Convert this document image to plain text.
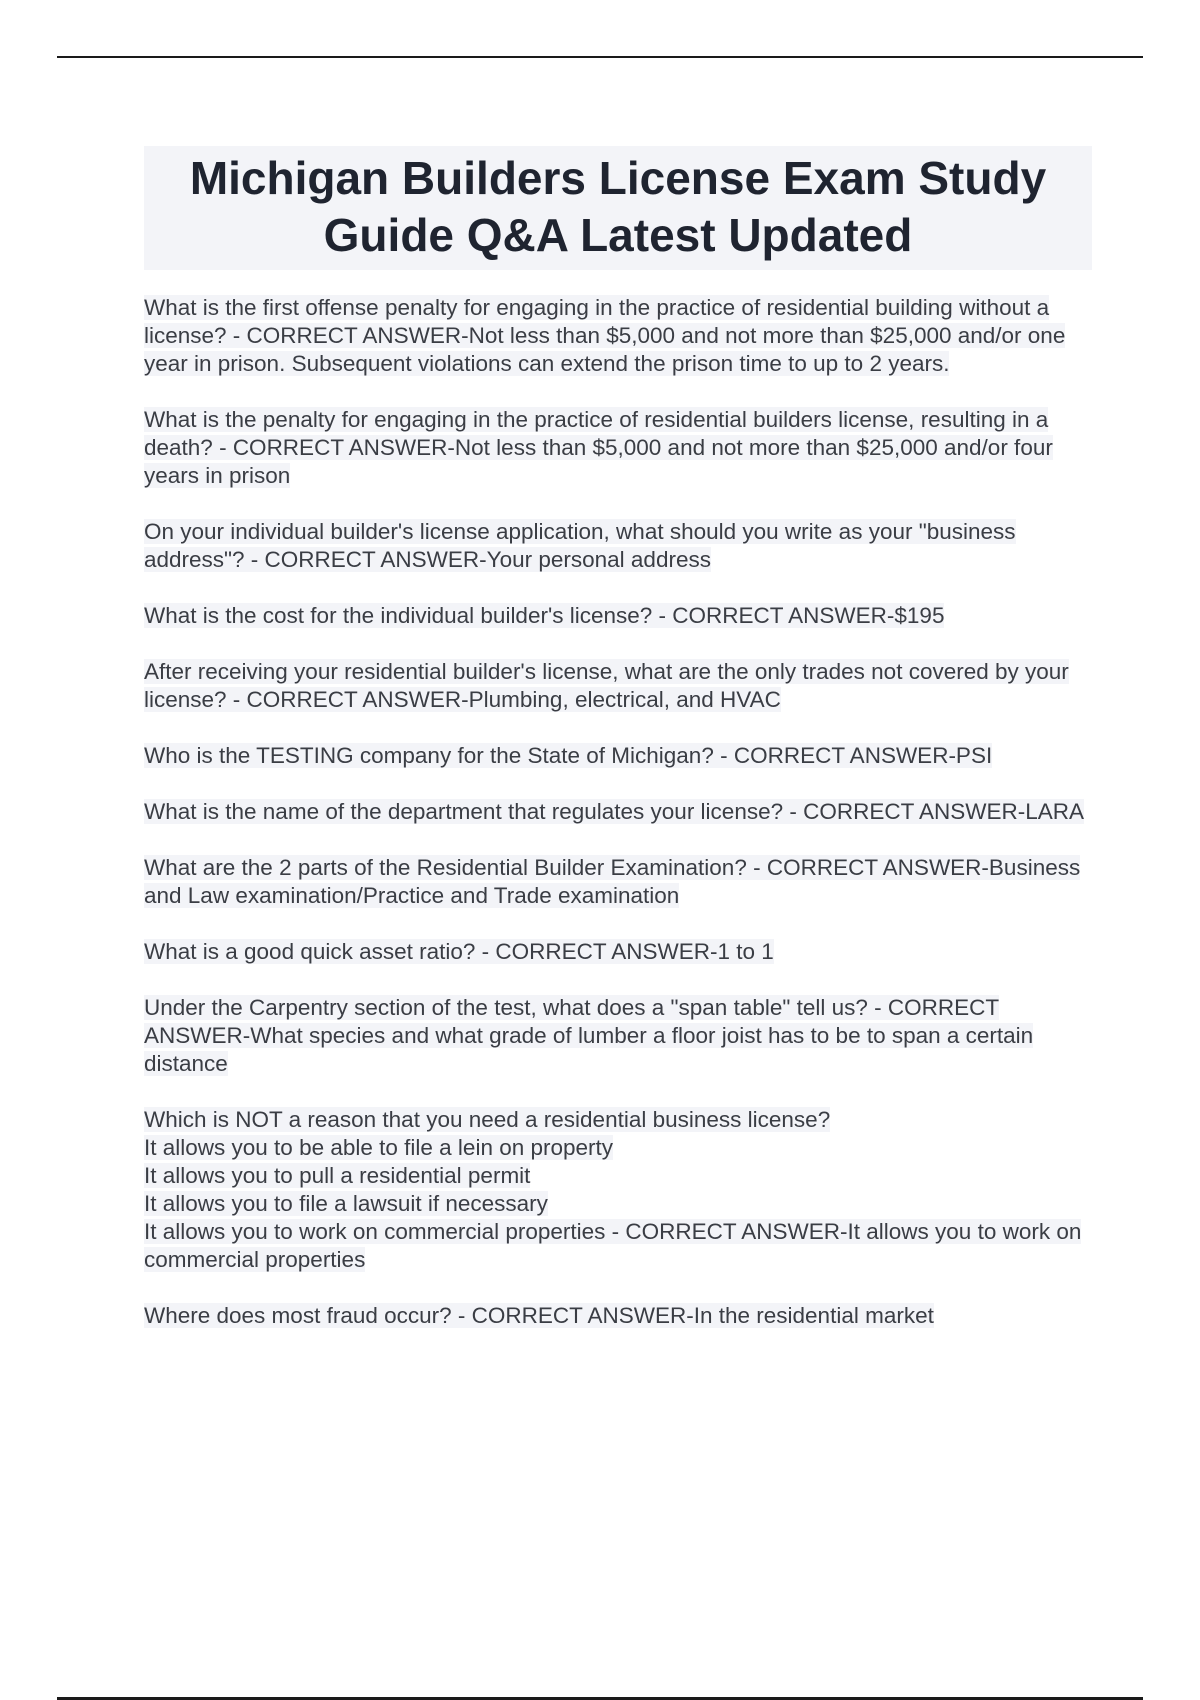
Michigan Builders License Exam Study Guide Q&A Latest Updated

What is the first offense penalty for engaging in the practice of residential building without a license? - CORRECT ANSWER-Not less than $5,000 and not more than $25,000 and/or one year in prison. Subsequent violations can extend the prison time to up to 2 years.

What is the penalty for engaging in the practice of residential builders license, resulting in a death? - CORRECT ANSWER-Not less than $5,000 and not more than $25,000 and/or four years in prison

On your individual builder's license application, what should you write as your "business address"? - CORRECT ANSWER-Your personal address

What is the cost for the individual builder's license? - CORRECT ANSWER-$195

After receiving your residential builder's license, what are the only trades not covered by your license? - CORRECT ANSWER-Plumbing, electrical, and HVAC

Who is the TESTING company for the State of Michigan? - CORRECT ANSWER-PSI

What is the name of the department that regulates your license? - CORRECT ANSWER-LARA

What are the 2 parts of the Residential Builder Examination? - CORRECT ANSWER-Business and Law examination/Practice and Trade examination

What is a good quick asset ratio? - CORRECT ANSWER-1 to 1

Under the Carpentry section of the test, what does a "span table" tell us? - CORRECT ANSWER-What species and what grade of lumber a floor joist has to be to span a certain distance

Which is NOT a reason that you need a residential business license?
It allows you to be able to file a lein on property
It allows you to pull a residential permit
It allows you to file a lawsuit if necessary
It allows you to work on commercial properties - CORRECT ANSWER-It allows you to work on commercial properties

Where does most fraud occur? - CORRECT ANSWER-In the residential market
